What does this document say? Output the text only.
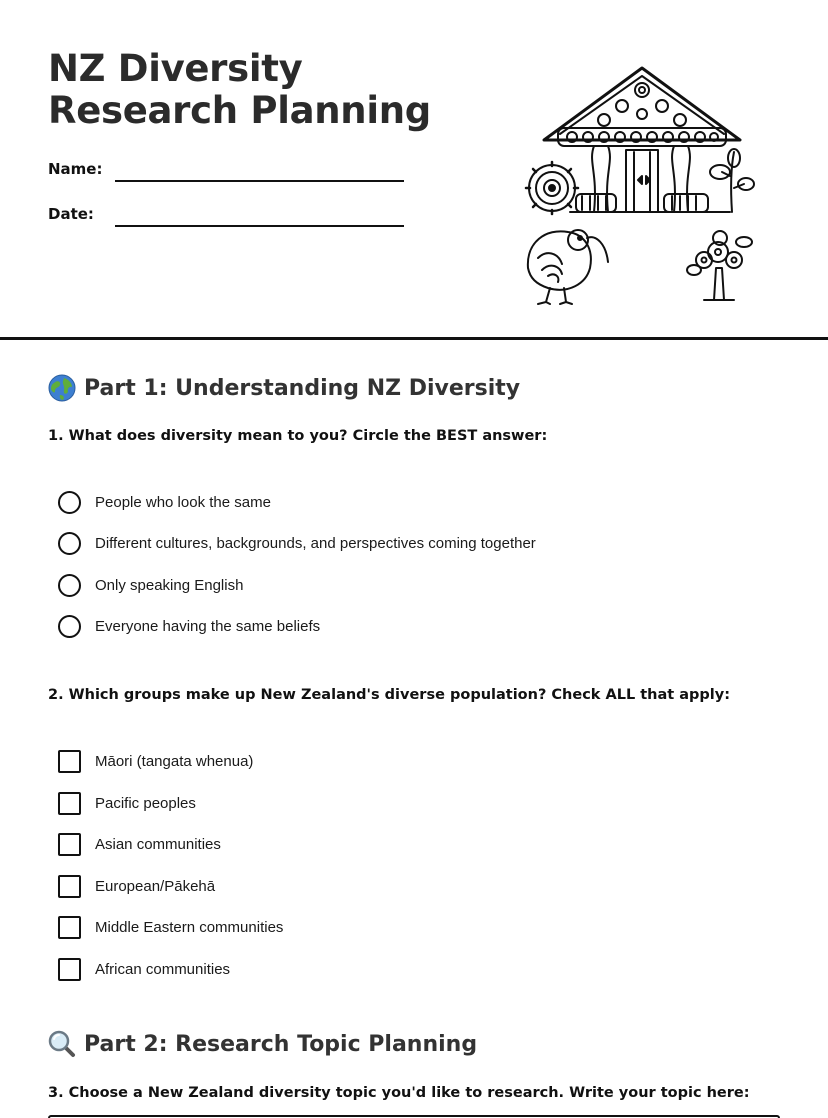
NZ Diversity Research Planning
Name:
Date:
Part 1: Understanding NZ Diversity
1. What does diversity mean to you? Circle the BEST answer:
People who look the same
Different cultures, backgrounds, and perspectives coming together
Only speaking English
Everyone having the same beliefs
2. Which groups make up New Zealand's diverse population? Check ALL that apply:
Māori (tangata whenua)
Pacific peoples
Asian communities
European/Pākehā
Middle Eastern communities
African communities
Part 2: Research Topic Planning
3. Choose a New Zealand diversity topic you'd like to research. Write your topic here:
